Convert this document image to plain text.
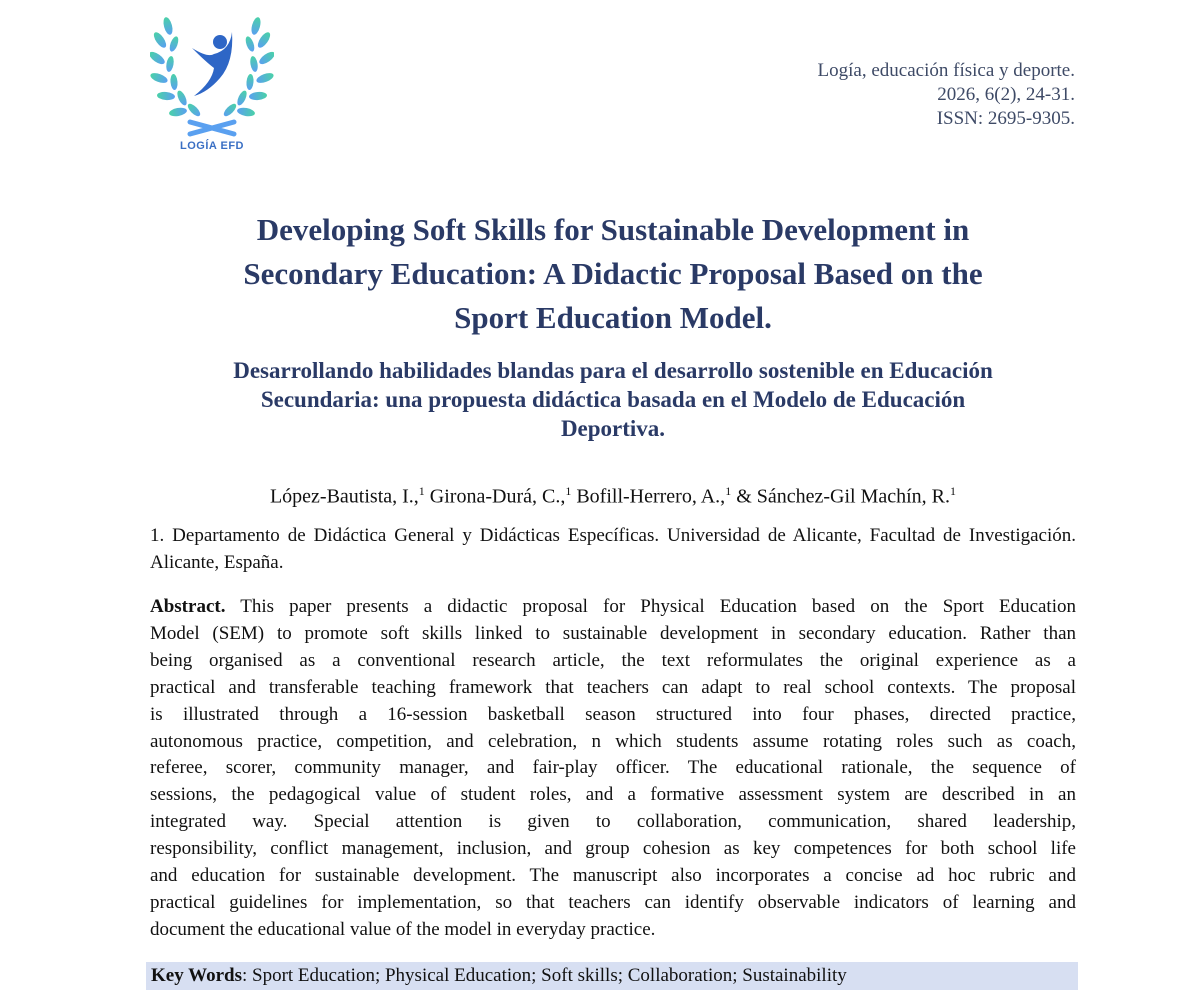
LOGÍA EFD
Logía, educación física y deporte.
2026, 6(2), 24-31.
ISSN: 2695-9305.
Developing Soft Skills for Sustainable Development in
Secondary Education: A Didactic Proposal Based on the
Sport Education Model.
Desarrollando habilidades blandas para el desarrollo sostenible en Educación
Secundaria: una propuesta didáctica basada en el Modelo de Educación
Deportiva.
López-Bautista, I.,$^1$ Girona-Durá, C.,$^1$ Bofill-Herrero, A.,$^1$ & Sánchez-Gil Machín, R.$^1$
1. Departamento de Didáctica General y Didácticas Específicas. Universidad de Alicante, Facultad de Investigación. Alicante, España.
Abstract. This paper presents a didactic proposal for Physical Education based on the Sport Education
Model (SEM) to promote soft skills linked to sustainable development in secondary education. Rather than
being organised as a conventional research article, the text reformulates the original experience as a
practical and transferable teaching framework that teachers can adapt to real school contexts. The proposal
is illustrated through a 16-session basketball season structured into four phases, directed practice,
autonomous practice, competition, and celebration, n which students assume rotating roles such as coach,
referee, scorer, community manager, and fair-play officer. The educational rationale, the sequence of
sessions, the pedagogical value of student roles, and a formative assessment system are described in an
integrated way. Special attention is given to collaboration, communication, shared leadership,
responsibility, conflict management, inclusion, and group cohesion as key competences for both school life
and education for sustainable development. The manuscript also incorporates a concise ad hoc rubric and
practical guidelines for implementation, so that teachers can identify observable indicators of learning and
document the educational value of the model in everyday practice.
Key Words: Sport Education; Physical Education; Soft skills; Collaboration; Sustainability
